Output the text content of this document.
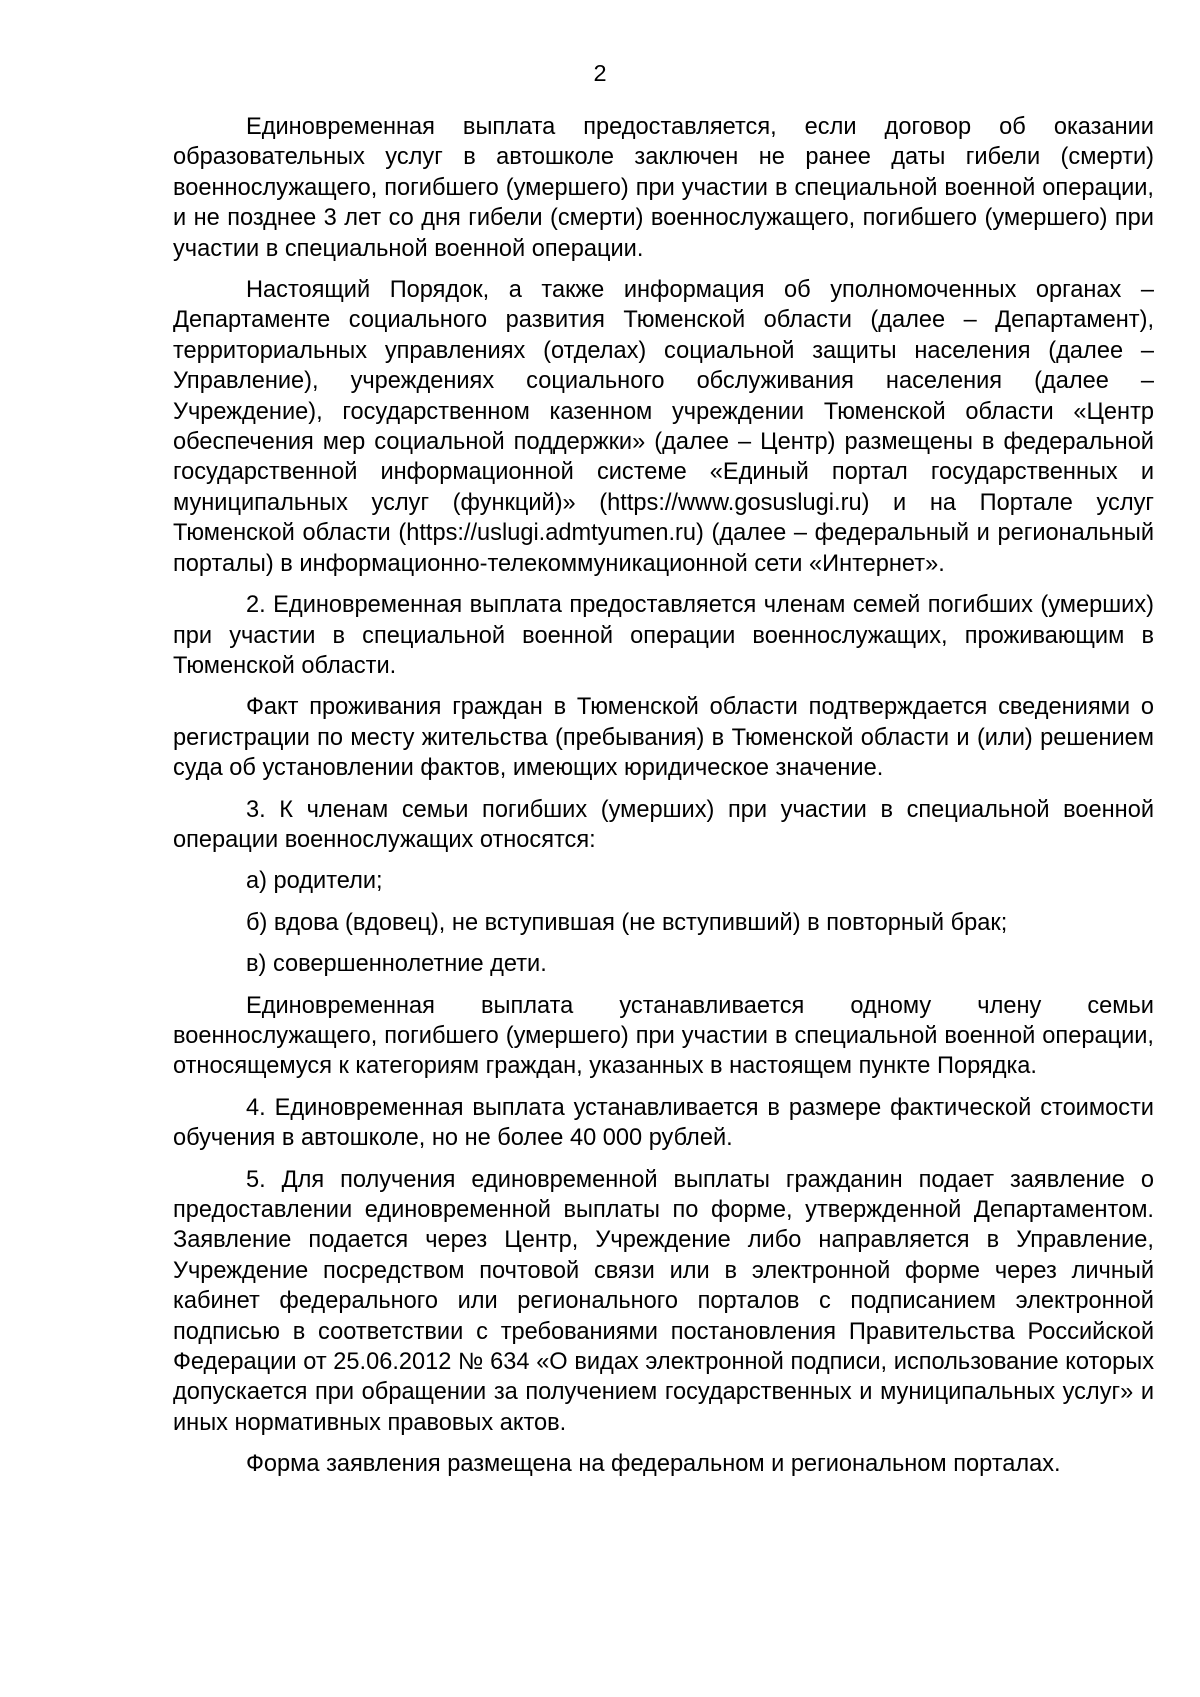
2

Единовременная выплата предоставляется, если договор об оказании образовательных услуг в автошколе заключен не ранее даты гибели (смерти) военнослужащего, погибшего (умершего) при участии в специальной военной операции, и не позднее 3 лет со дня гибели (смерти) военнослужащего, погибшего (умершего) при участии в специальной военной операции.

Настоящий Порядок, а также информация об уполномоченных органах – Департаменте социального развития Тюменской области (далее – Департамент), территориальных управлениях (отделах) социальной защиты населения (далее – Управление), учреждениях социального обслуживания населения (далее – Учреждение), государственном казенном учреждении Тюменской области «Центр обеспечения мер социальной поддержки» (далее – Центр) размещены в федеральной государственной информационной системе «Единый портал государственных и муниципальных услуг (функций)» (https://www.gosuslugi.ru) и на Портале услуг Тюменской области (https://uslugi.admtyumen.ru) (далее – федеральный и региональный порталы) в информационно-телекоммуникационной сети «Интернет».

2. Единовременная выплата предоставляется членам семей погибших (умерших) при участии в специальной военной операции военнослужащих, проживающим в Тюменской области.

Факт проживания граждан в Тюменской области подтверждается сведениями о регистрации по месту жительства (пребывания) в Тюменской области и (или) решением суда об установлении фактов, имеющих юридическое значение.

3. К членам семьи погибших (умерших) при участии в специальной военной операции военнослужащих относятся:

а) родители;

б) вдова (вдовец), не вступившая (не вступивший) в повторный брак;

в) совершеннолетние дети.

Единовременная выплата устанавливается одному члену семьи военнослужащего, погибшего (умершего) при участии в специальной военной операции, относящемуся к категориям граждан, указанных в настоящем пункте Порядка.

4. Единовременная выплата устанавливается в размере фактической стоимости обучения в автошколе, но не более 40 000 рублей.

5. Для получения единовременной выплаты гражданин подает заявление о предоставлении единовременной выплаты по форме, утвержденной Департаментом. Заявление подается через Центр, Учреждение либо направляется в Управление, Учреждение посредством почтовой связи или в электронной форме через личный кабинет федерального или регионального порталов с подписанием электронной подписью в соответствии с требованиями постановления Правительства Российской Федерации от 25.06.2012 № 634 «О видах электронной подписи, использование которых допускается при обращении за получением государственных и муниципальных услуг» и иных нормативных правовых актов.

Форма заявления размещена на федеральном и региональном порталах.
